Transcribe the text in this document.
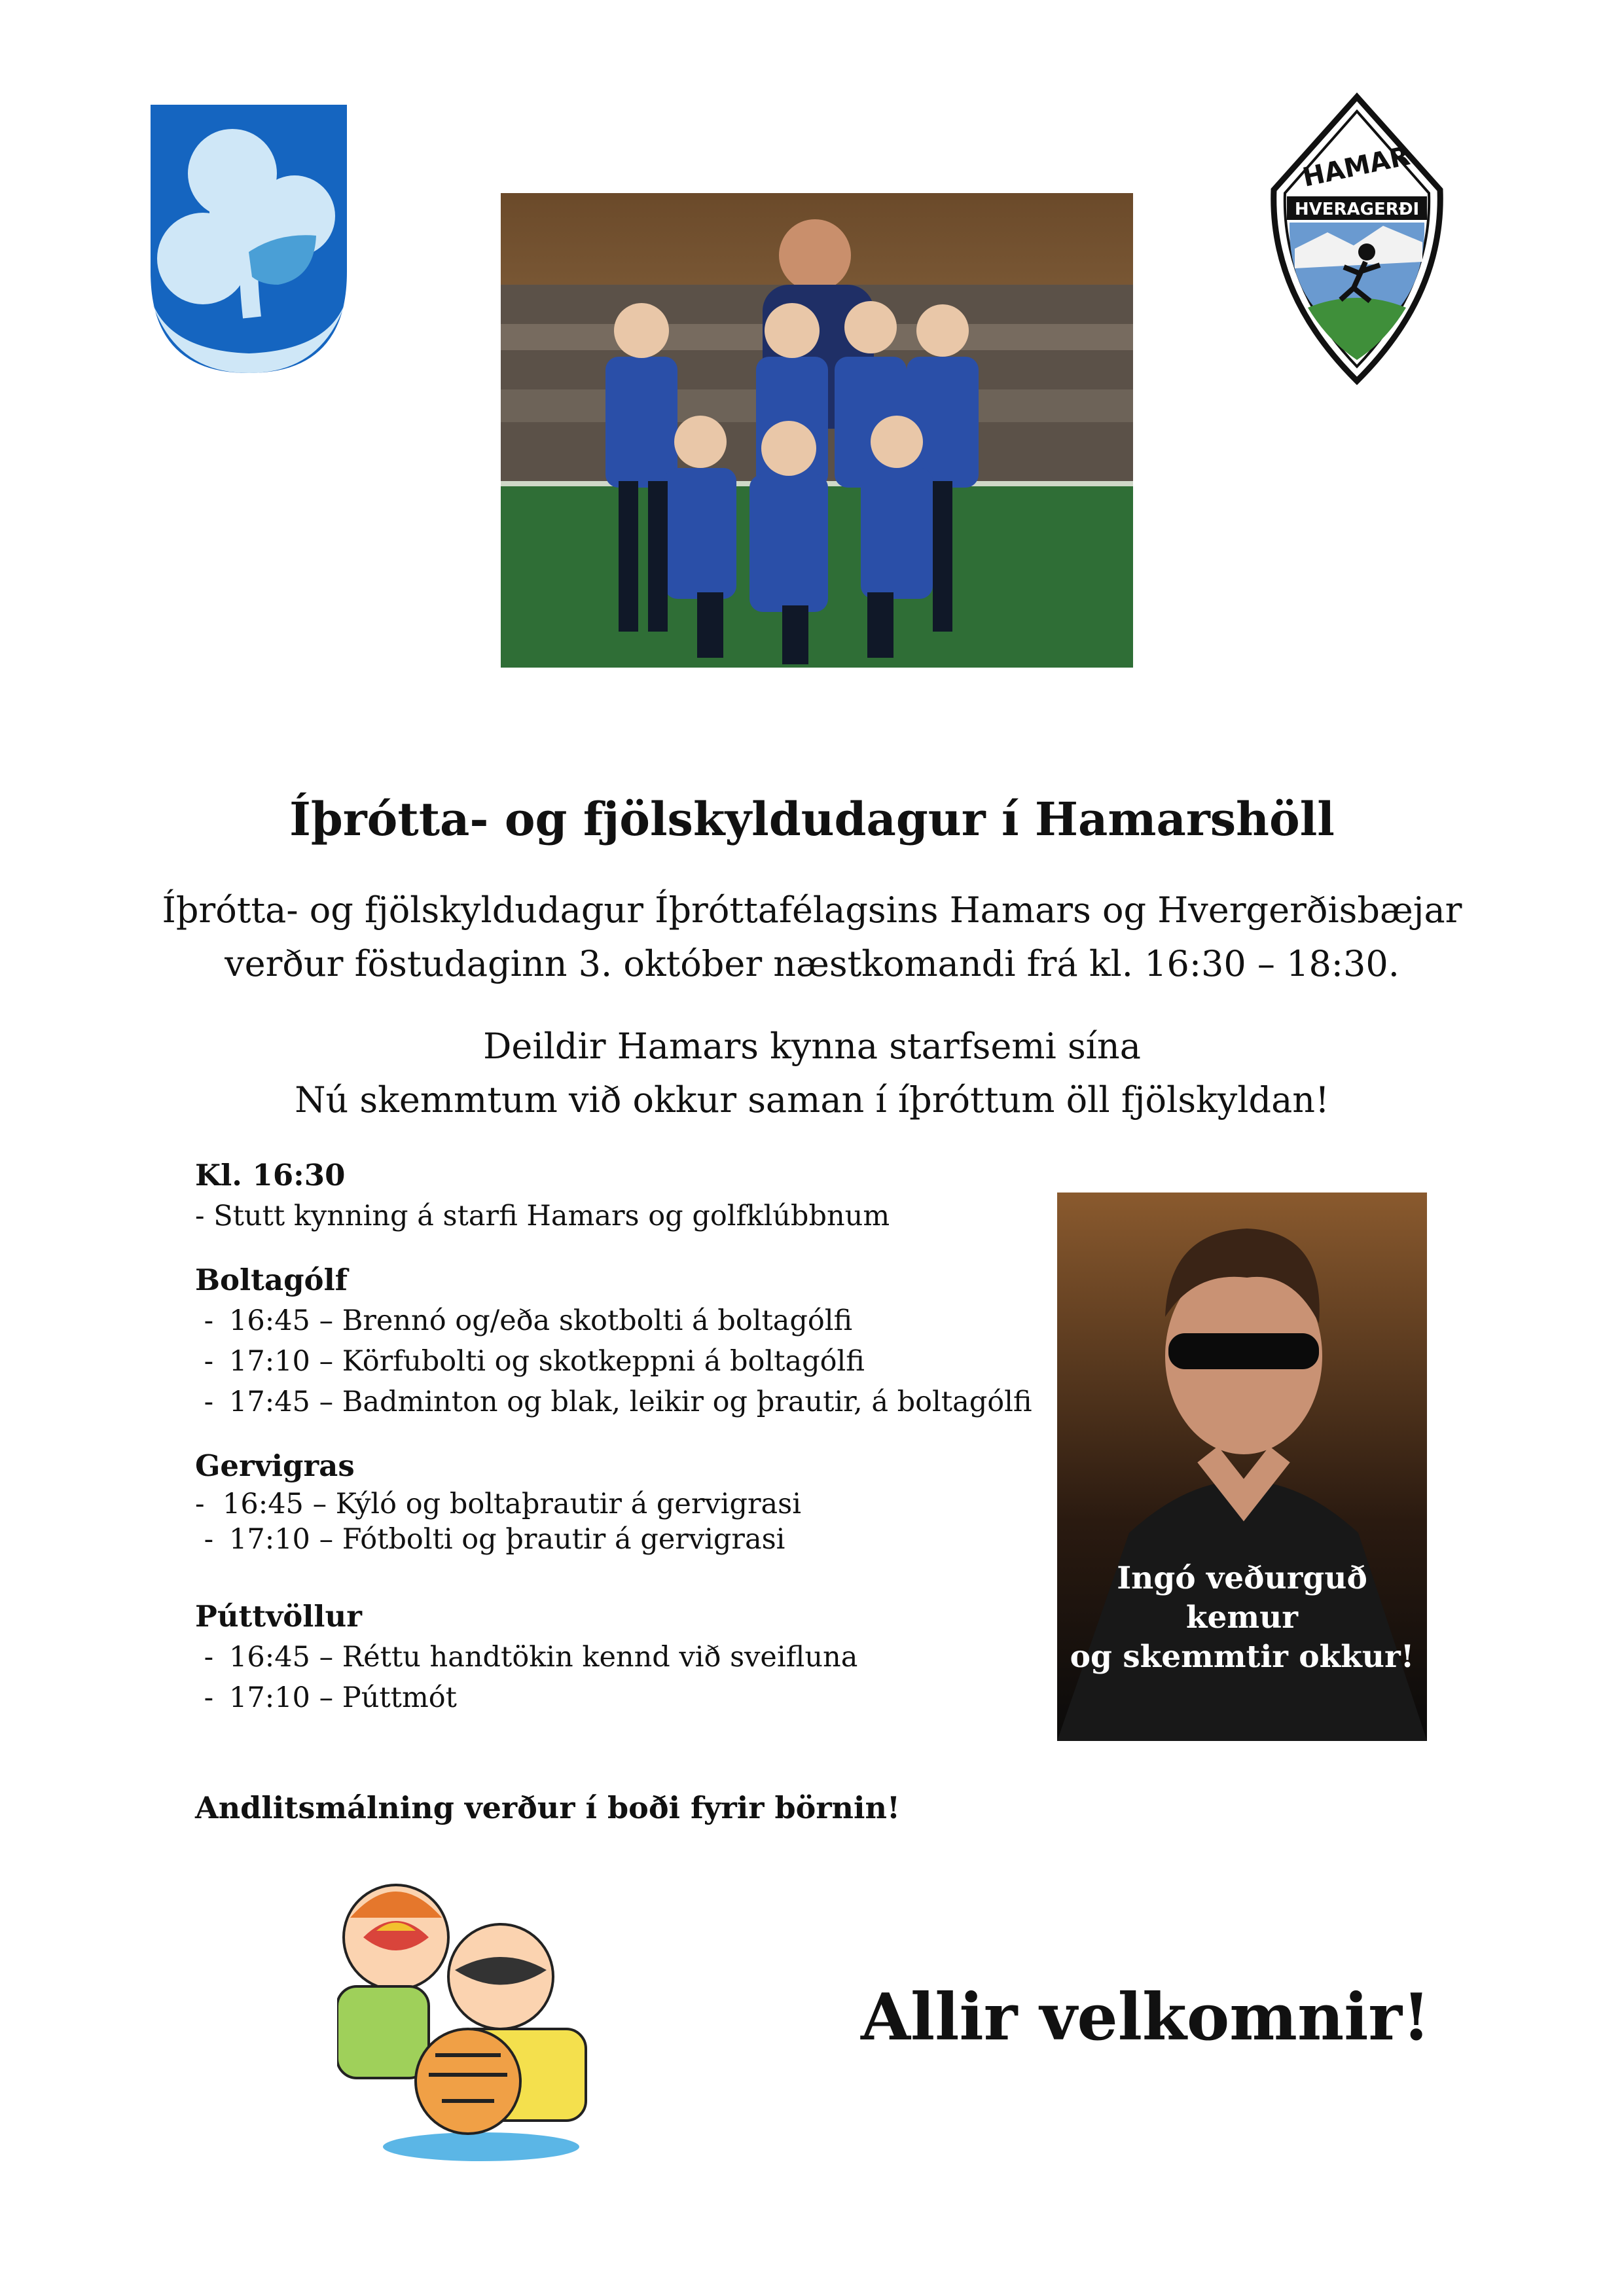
HAMAR
HVERAGERÐI
Íþrótta- og fjölskyldudagur í Hamarshöll
Íþrótta- og fjölskyldudagur Íþróttafélagsins Hamars og Hvergerðisbæjar
verður föstudaginn 3. október næstkomandi frá kl. 16:30 – 18:30.
Deildir Hamars kynna starfsemi sína
Nú skemmtum við okkur saman í íþróttum öll fjölskyldan!
Kl. 16:30
- Stutt kynning á starfi Hamars og golfklúbbnum
Boltagólf
- 16:45 – Brennó og/eða skotbolti á boltagólfi
- 17:10 – Körfubolti og skotkeppni á boltagólfi
- 17:45 – Badminton og blak, leikir og þrautir, á boltagólfi
Gervigras
- 16:45 – Kýló og boltaþrautir á gervigrasi
- 17:10 – Fótbolti og þrautir á gervigrasi
Púttvöllur
- 16:45 – Réttu handtökin kennd við sveifluna
- 17:10 – Púttmót
Ingó veðurguð kemur
og skemmtir okkur!
Andlitsmálning verður í boði fyrir börnin!
Allir velkomnir!
